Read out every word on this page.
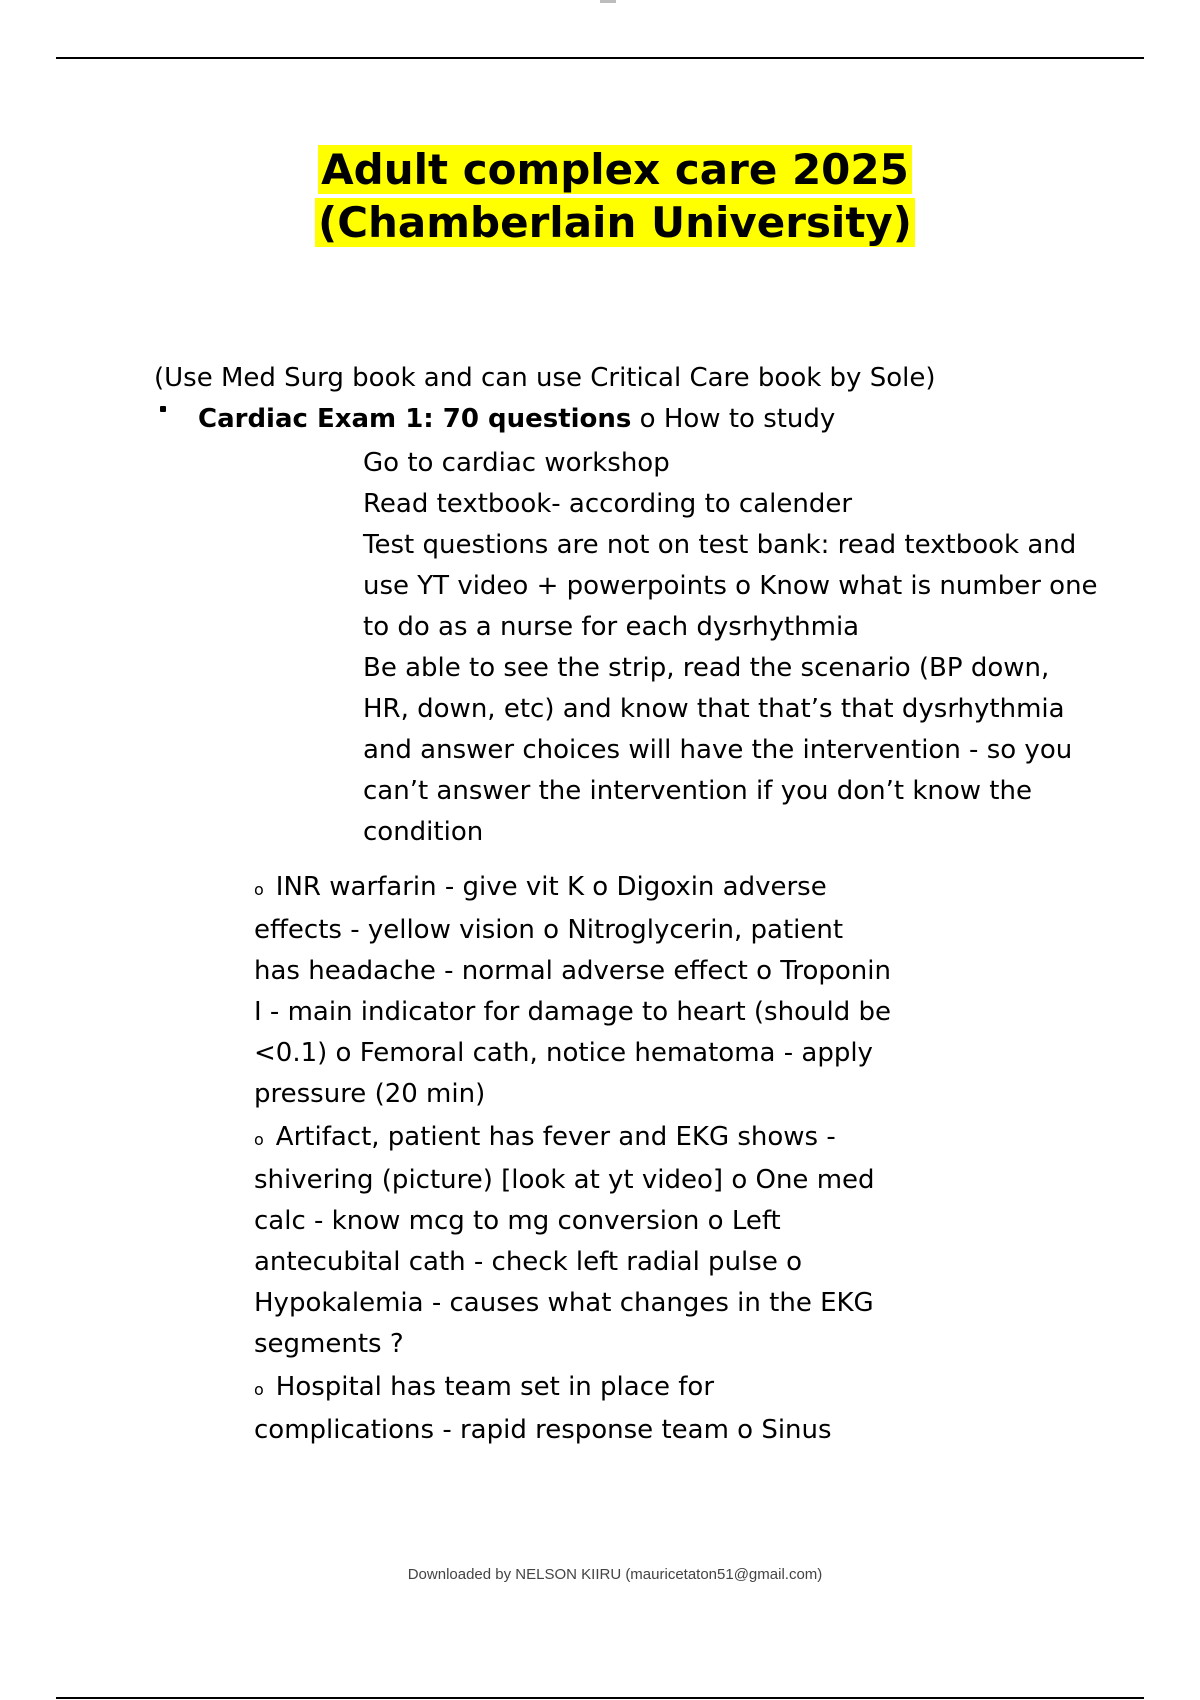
Adult complex care 2025
(Chamberlain University)
(Use Med Surg book and can use Critical Care book by Sole)
Cardiac Exam 1: 70 questions o How to study

Go to cardiac workshop

Read textbook- according to calender

Test questions are not on test bank: read textbook and use YT video + powerpoints o Know what is number one to do as a nurse for each dysrhythmia

Be able to see the strip, read the scenario (BP down, HR, down, etc) and know that that’s that dysrhythmia and answer choices will have the intervention - so you can’t answer the intervention if you don’t know the condition

o INR warfarin - give vit K o Digoxin adverse effects - yellow vision o Nitroglycerin, patient has headache - normal adverse effect o Troponin I - main indicator for damage to heart (should be <0.1) o Femoral cath, notice hematoma - apply pressure (20 min)
o Artifact, patient has fever and EKG shows - shivering (picture) [look at yt video] o One med calc - know mcg to mg conversion o Left antecubital cath - check left radial pulse o Hypokalemia - causes what changes in the EKG segments ?
o Hospital has team set in place for complications - rapid response team o Sinus
Downloaded by NELSON KIIRU (mauricetaton51@gmail.com)
